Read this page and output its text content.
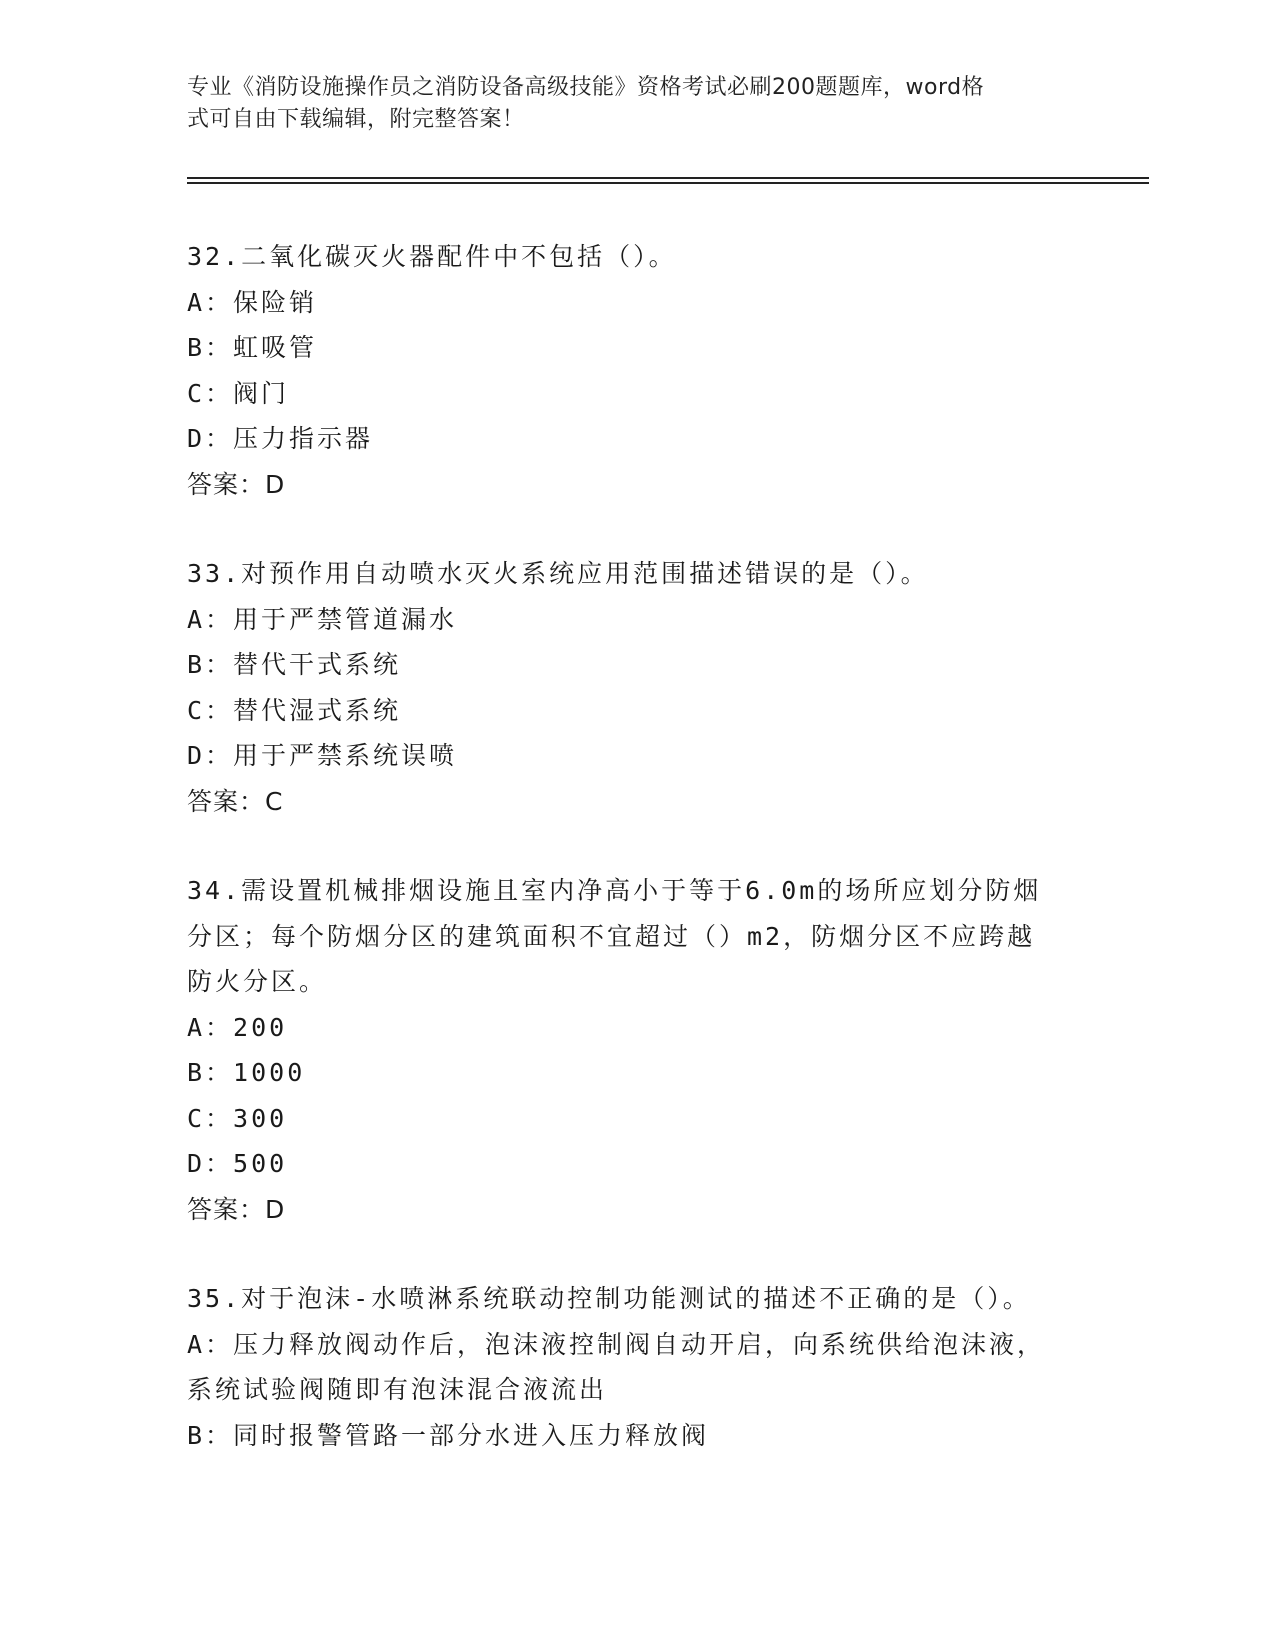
专业《消防设施操作员之消防设备高级技能》资格考试必刷200题题库，word格
式可自由下载编辑，附完整答案！
32.二氧化碳灭火器配件中不包括（）。
A：保险销
B：虹吸管
C：阀门
D：压力指示器
答案：D
33.对预作用自动喷水灭火系统应用范围描述错误的是（）。
A：用于严禁管道漏水
B：替代干式系统
C：替代湿式系统
D：用于严禁系统误喷
答案：C
34.需设置机械排烟设施且室内净高小于等于6.0m的场所应划分防烟
分区；每个防烟分区的建筑面积不宜超过（）m2，防烟分区不应跨越
防火分区。
A：200
B：1000
C：300
D：500
答案：D
35.对于泡沫-水喷淋系统联动控制功能测试的描述不正确的是（）。
A：压力释放阀动作后，泡沫液控制阀自动开启，向系统供给泡沫液，
系统试验阀随即有泡沫混合液流出
B：同时报警管路一部分水进入压力释放阀
